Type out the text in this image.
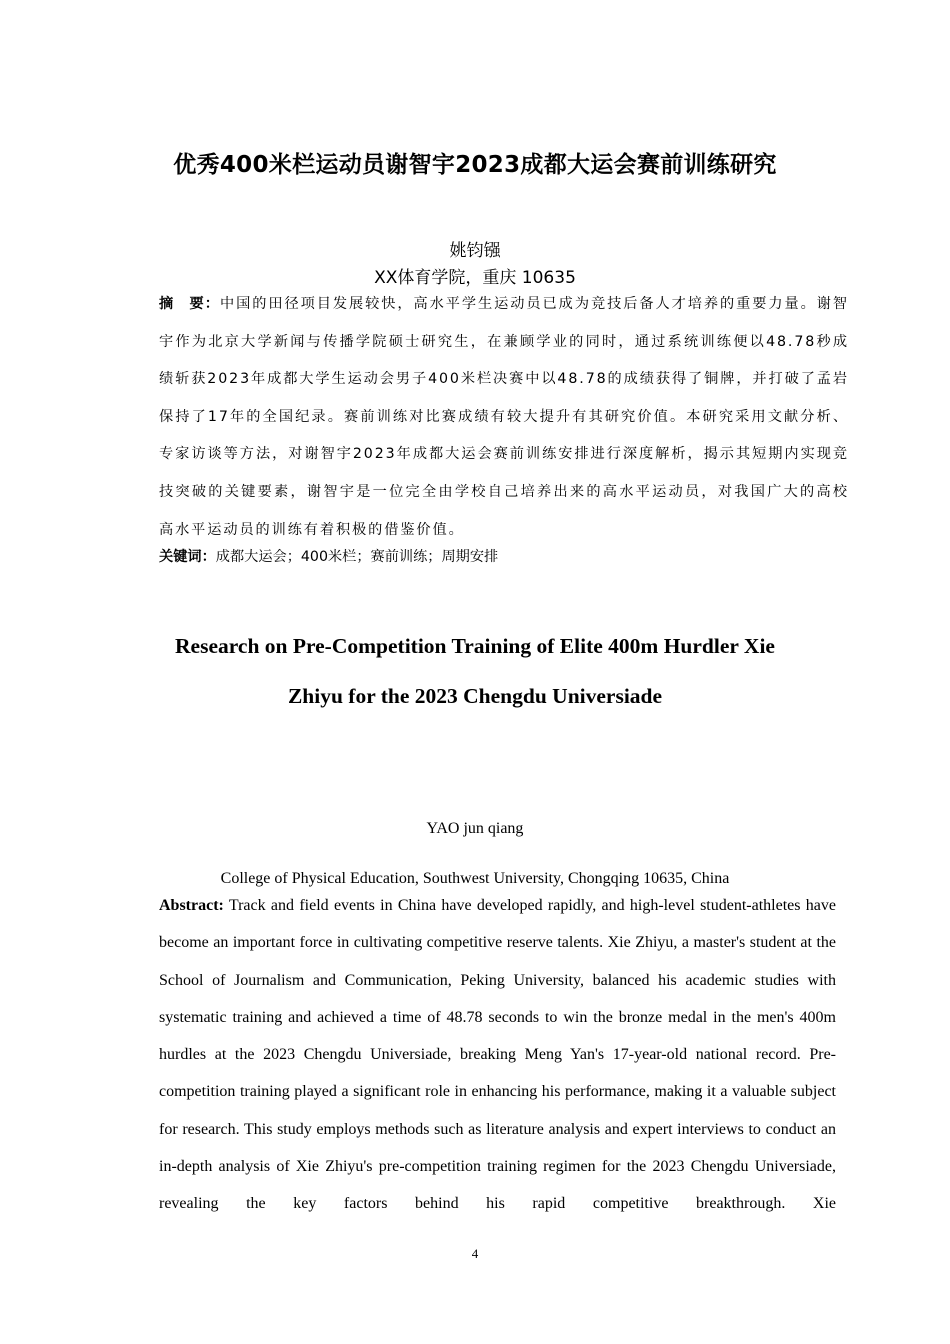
优秀400米栏运动员谢智宇2023成都大运会赛前训练研究
姚钧镪
XX体育学院，重庆 10635
摘　要：中国的田径项目发展较快，高水平学生运动员已成为竞技后备人才培养的重要力量。谢智宇作为北京大学新闻与传播学院硕士研究生，在兼顾学业的同时，通过系统训练便以48.78秒成绩斩获2023年成都大学生运动会男子400米栏决赛中以48.78的成绩获得了铜牌，并打破了孟岩保持了17年的全国纪录。赛前训练对比赛成绩有较大提升有其研究价值。本研究采用文献分析、专家访谈等方法，对谢智宇2023年成都大运会赛前训练安排进行深度解析，揭示其短期内实现竞技突破的关键要素，谢智宇是一位完全由学校自己培养出来的高水平运动员，对我国广大的高校高水平运动员的训练有着积极的借鉴价值。
关键词：成都大运会；400米栏；赛前训练；周期安排
Research on Pre-Competition Training of Elite 400m Hurdler Xie
Zhiyu for the 2023 Chengdu Universiade
YAO jun qiang
College of Physical Education, Southwest University, Chongqing 10635, China
Abstract: Track and field events in China have developed rapidly, and high-level student-athletes have become an important force in cultivating competitive reserve talents. Xie Zhiyu, a master's student at the School of Journalism and Communication, Peking University, balanced his academic studies with systematic training and achieved a time of 48.78 seconds to win the bronze medal in the men's 400m hurdles at the 2023 Chengdu Universiade, breaking Meng Yan's 17-year-old national record. Pre-competition training played a significant role in enhancing his performance, making it a valuable subject for research. This study employs methods such as literature analysis and expert interviews to conduct an in-depth analysis of Xie Zhiyu's pre-competition training regimen for the 2023 Chengdu Universiade, revealing the key factors behind his rapid competitive breakthrough. Xie
4
